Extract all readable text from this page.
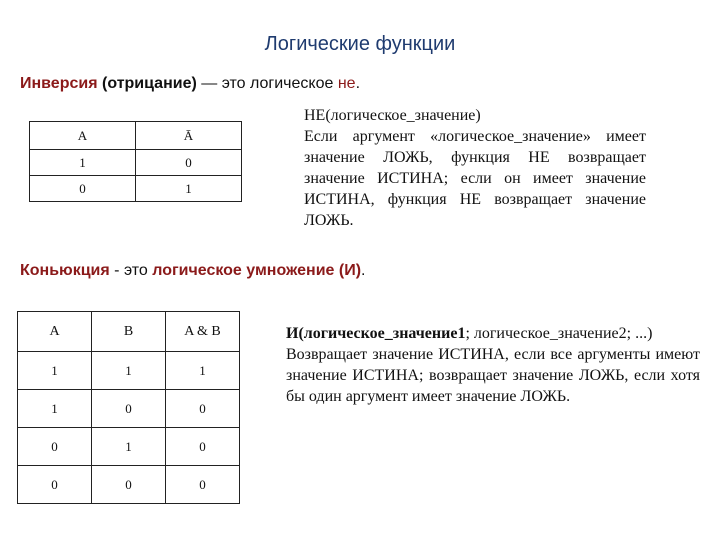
Логические функции
Инверсия (отрицание) — это логическое не.
A	Ā
1	0
0	1
НЕ(логическое_значение)
Если аргумент «логическое_значение» имеет значение ЛОЖЬ, функция НЕ возвращает значение ИСТИНА; если он имеет значение ИСТИНА, функция НЕ возвращает значение ЛОЖЬ.
Коньюкция - это логическое умножение (И).
A	B	A & B
1	1	1
1	0	0
0	1	0
0	0	0
И(логическое_значение1; логическое_значение2; ...)
Возвращает значение ИСТИНА, если все аргументы имеют значение ИСТИНА; возвращает значение ЛОЖЬ, если хотя бы один аргумент имеет значение ЛОЖЬ.
